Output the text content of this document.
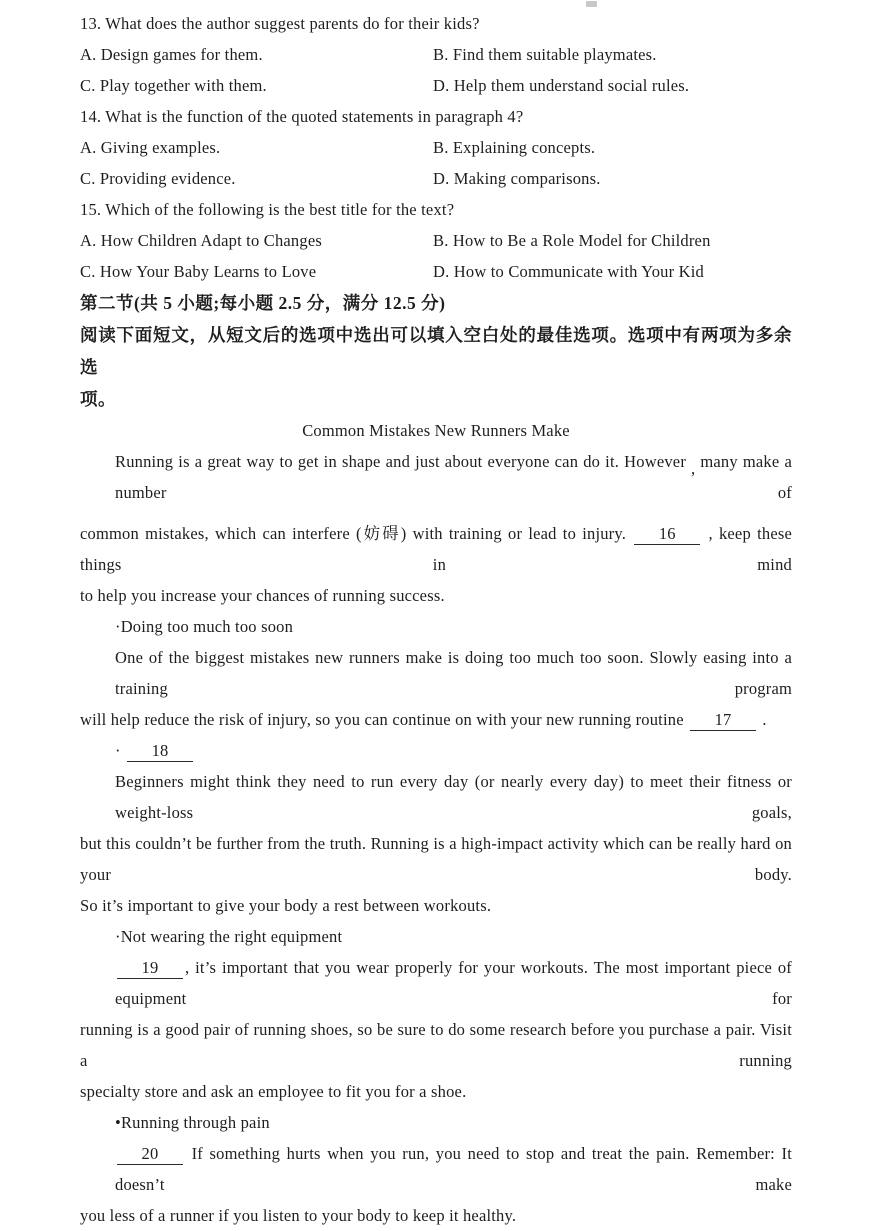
13. What does the author suggest parents do for their kids?
A. Design games for them.	B. Find them suitable playmates.
C. Play together with them.	D. Help them understand social rules.
14. What is the function of the quoted statements in paragraph 4?
A. Giving examples.	B. Explaining concepts.
C. Providing evidence.	D. Making comparisons.
15. Which of the following is the best title for the text?
A. How Children Adapt to Changes	B. How to Be a Role Model for Children
C. How Your Baby Learns to Love	D. How to Communicate with Your Kid
第二节(共 5 小题;每小题 2.5 分，满分 12.5 分)
阅读下面短文，从短文后的选项中选出可以填入空白处的最佳选项。选项中有两项为多余选
项。
Common Mistakes New Runners Make
Running is a great way to get in shape and just about everyone can do it. However , many make a number of
common mistakes, which can interfere (妨碍) with training or lead to injury. 16 , keep these things in mind
to help you increase your chances of running success.
·Doing too much too soon
One of the biggest mistakes new runners make is doing too much too soon. Slowly easing into a training program
will help reduce the risk of injury, so you can continue on with your new running routine 17 .
· 18
Beginners might think they need to run every day (or nearly every day) to meet their fitness or weight-loss goals,
but this couldn’t be further from the truth. Running is a high-impact activity which can be really hard on your body.
So it’s important to give your body a rest between workouts.
·Not wearing the right equipment
19 , it’s important that you wear properly for your workouts. The most important piece of equipment for
running is a good pair of running shoes, so be sure to do some research before you purchase a pair. Visit a running
specialty store and ask an employee to fit you for a shoe.
•Running through pain
20 If something hurts when you run, you need to stop and treat the pain. Remember: It doesn’t make
you less of a runner if you listen to your body to keep it healthy.
